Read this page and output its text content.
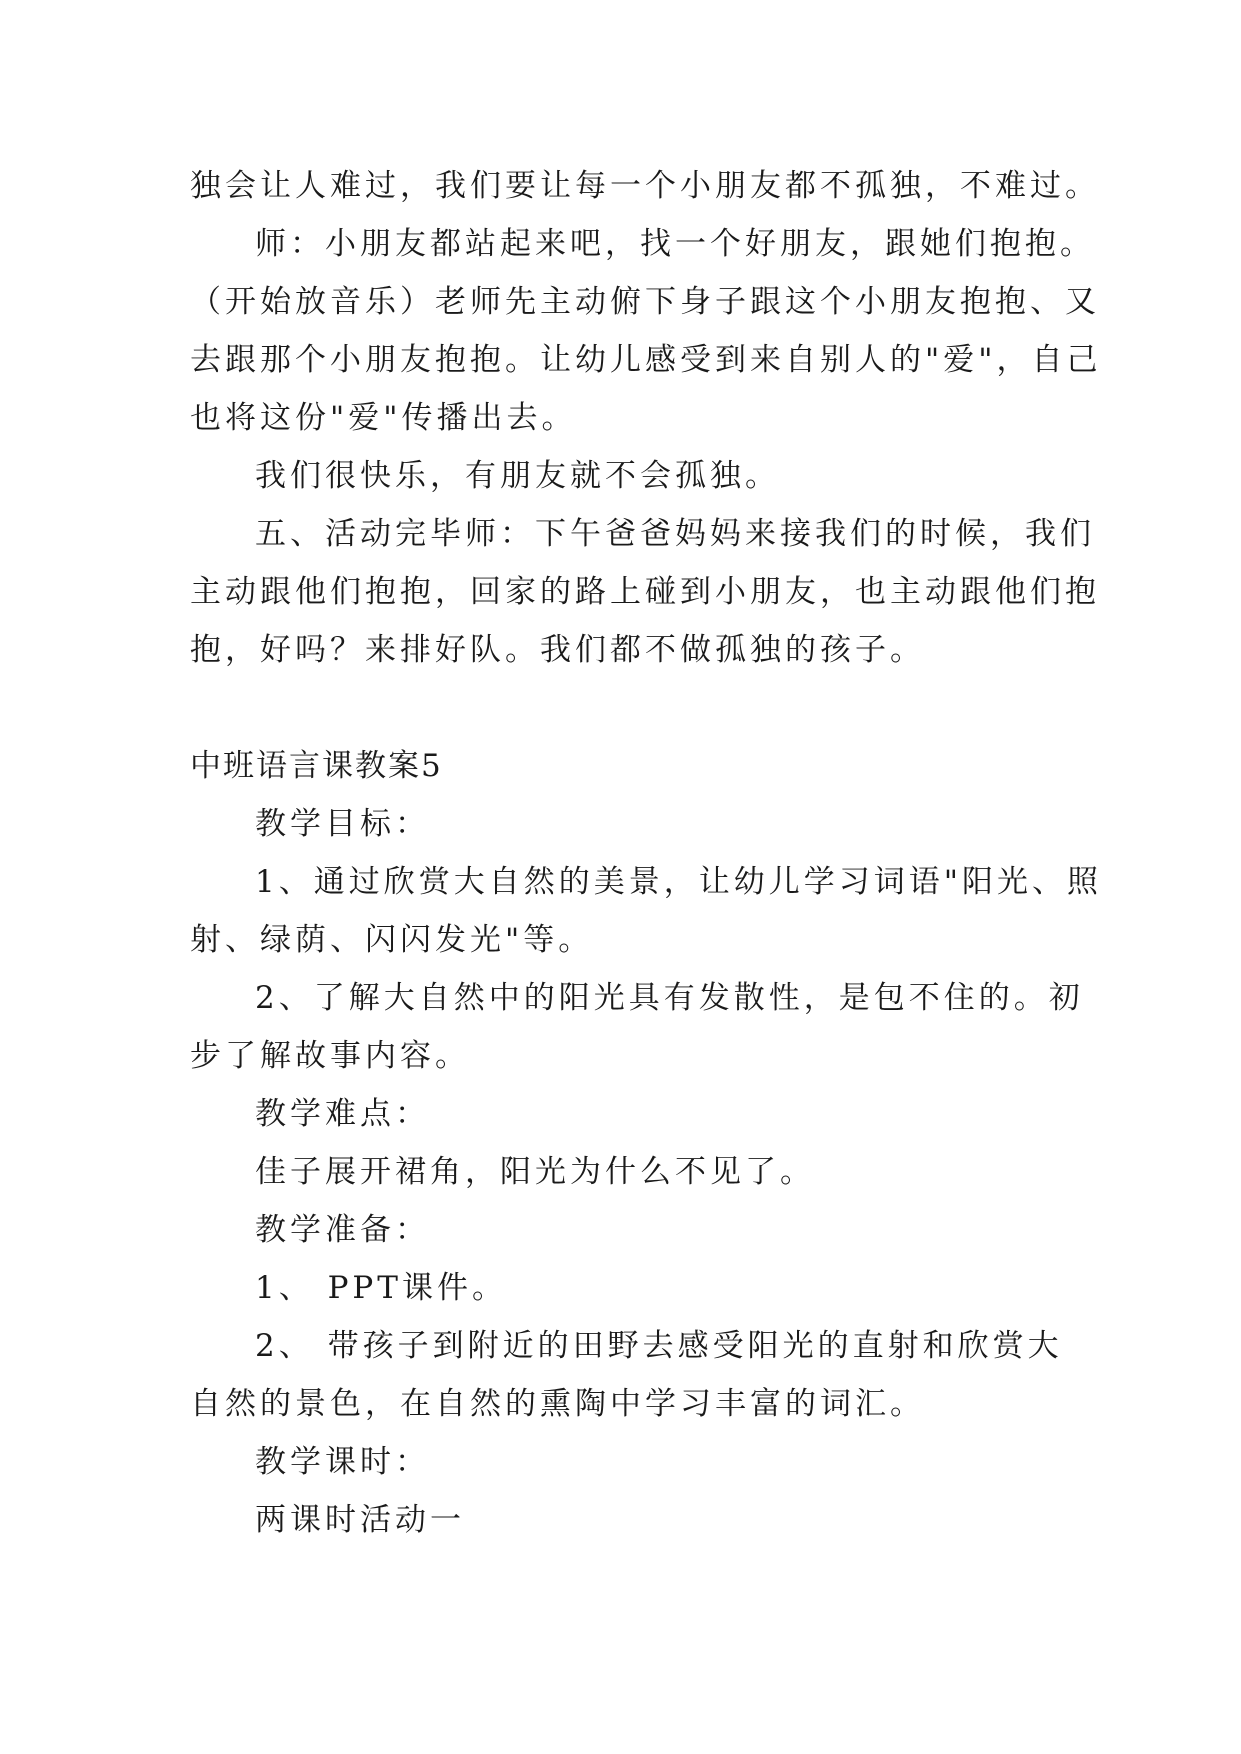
独会让人难过，我们要让每一个小朋友都不孤独，不难过。
师：小朋友都站起来吧，找一个好朋友，跟她们抱抱。
（开始放音乐）老师先主动俯下身子跟这个小朋友抱抱、又
去跟那个小朋友抱抱。让幼儿感受到来自别人的"爱"，自己
也将这份"爱"传播出去。
我们很快乐，有朋友就不会孤独。
五、活动完毕师：下午爸爸妈妈来接我们的时候，我们
主动跟他们抱抱，回家的路上碰到小朋友，也主动跟他们抱
抱，好吗？来排好队。我们都不做孤独的孩子。
中班语言课教案5
教学目标：
1、通过欣赏大自然的美景，让幼儿学习词语"阳光、照
射、绿荫、闪闪发光"等。
2、了解大自然中的阳光具有发散性，是包不住的。初
步了解故事内容。
教学难点：
佳子展开裙角，阳光为什么不见了。
教学准备：
1、 PPT课件。
2、 带孩子到附近的田野去感受阳光的直射和欣赏大
自然的景色，在自然的熏陶中学习丰富的词汇。
教学课时：
两课时活动一
